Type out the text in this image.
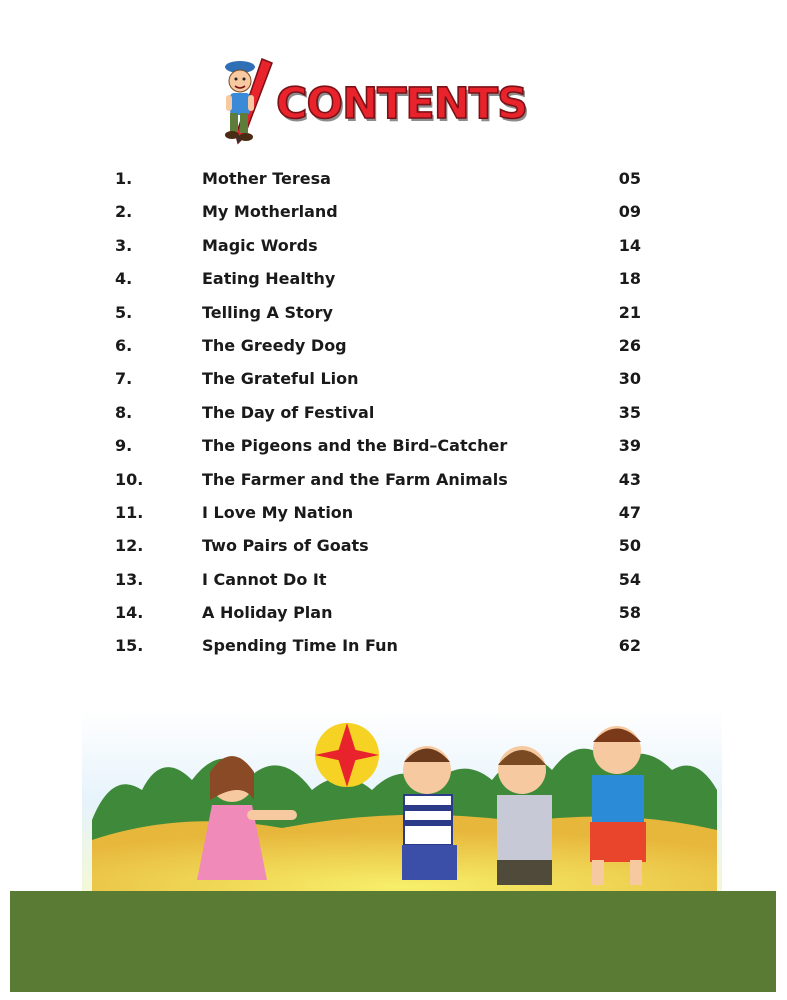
CONTENTS
1.	Mother Teresa	05
2.	My Motherland	09
3.	Magic Words	14
4.	Eating Healthy	18
5.	Telling A Story	21
6.	The Greedy Dog	26
7.	The Grateful Lion	30
8.	The Day of Festival	35
9.	The Pigeons and the Bird–Catcher	39
10.	The Farmer and the Farm Animals	43
11.	I Love My Nation	47
12.	Two Pairs of Goats	50
13.	I Cannot Do It	54
14.	A Holiday Plan	58
15.	Spending Time In Fun	62
